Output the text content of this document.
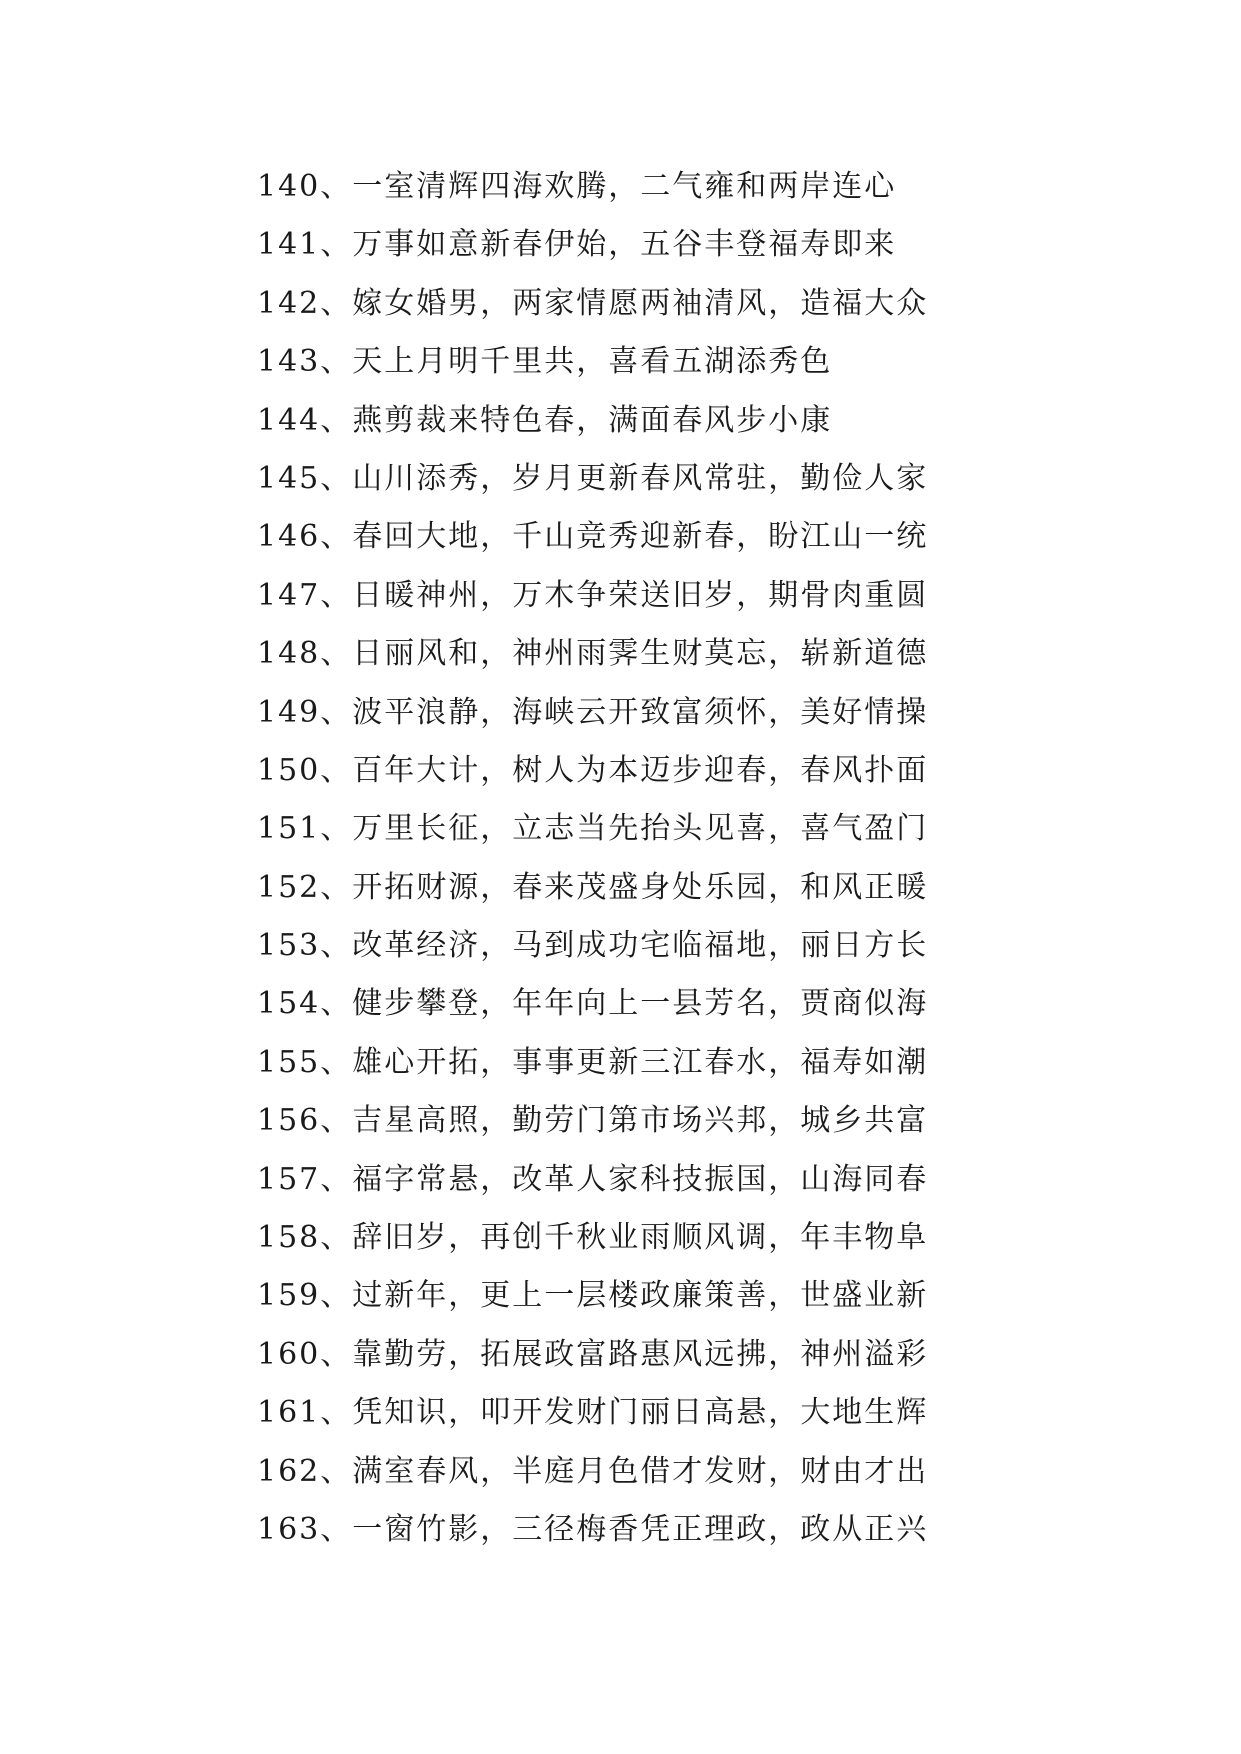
140、一室清辉四海欢腾，二气雍和两岸连心
141、万事如意新春伊始，五谷丰登福寿即来
142、嫁女婚男，两家情愿两袖清风，造福大众
143、天上月明千里共，喜看五湖添秀色
144、燕剪裁来特色春，满面春风步小康
145、山川添秀，岁月更新春风常驻，勤俭人家
146、春回大地，千山竞秀迎新春，盼江山一统
147、日暖神州，万木争荣送旧岁，期骨肉重圆
148、日丽风和，神州雨霁生财莫忘，崭新道德
149、波平浪静，海峡云开致富须怀，美好情操
150、百年大计，树人为本迈步迎春，春风扑面
151、万里长征，立志当先抬头见喜，喜气盈门
152、开拓财源，春来茂盛身处乐园，和风正暖
153、改革经济，马到成功宅临福地，丽日方长
154、健步攀登，年年向上一县芳名，贾商似海
155、雄心开拓，事事更新三江春水，福寿如潮
156、吉星高照，勤劳门第市场兴邦，城乡共富
157、福字常悬，改革人家科技振国，山海同春
158、辞旧岁，再创千秋业雨顺风调，年丰物阜
159、过新年，更上一层楼政廉策善，世盛业新
160、靠勤劳，拓展政富路惠风远拂，神州溢彩
161、凭知识，叩开发财门丽日高悬，大地生辉
162、满室春风，半庭月色借才发财，财由才出
163、一窗竹影，三径梅香凭正理政，政从正兴
